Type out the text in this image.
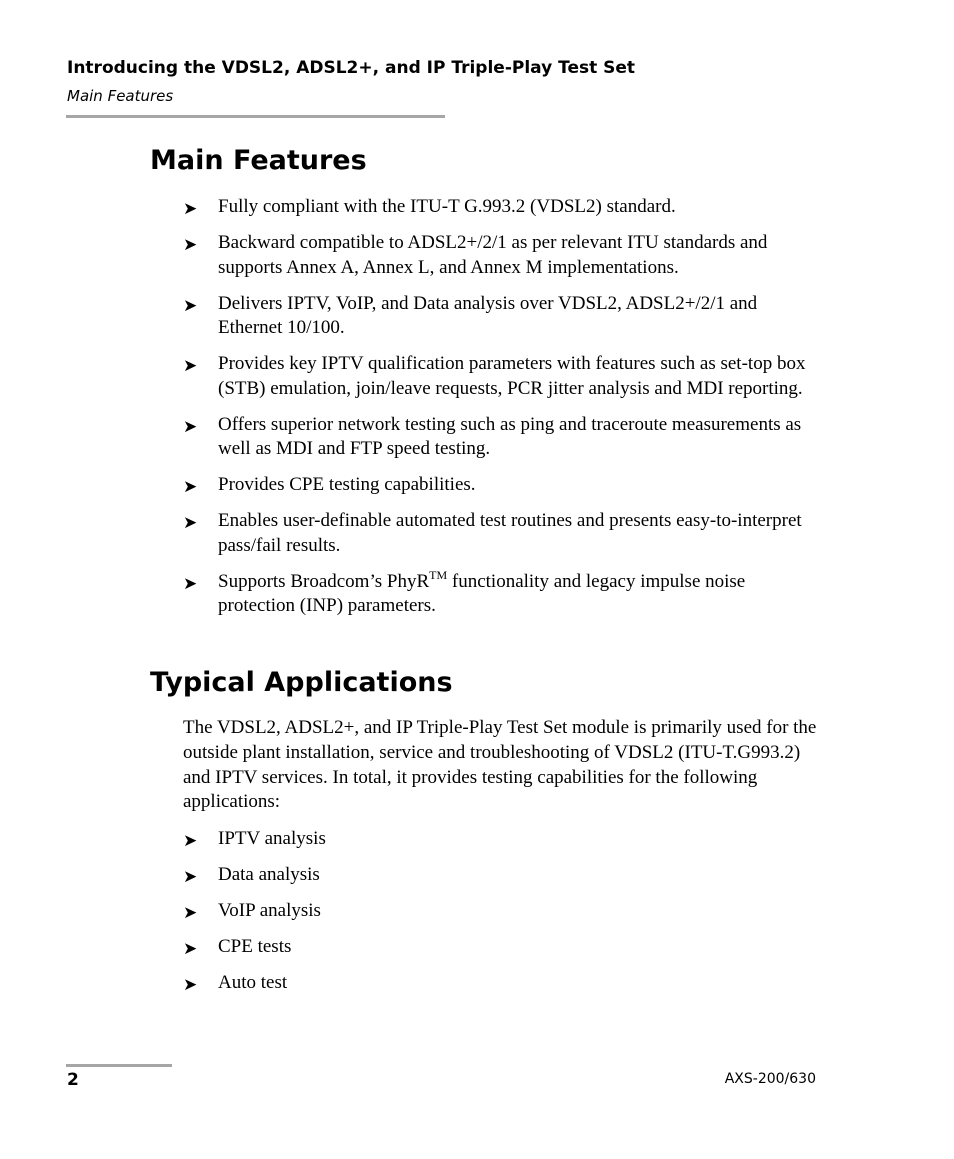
Introducing the VDSL2, ADSL2+, and IP Triple-Play Test Set
Main Features
Main Features
➤ Fully compliant with the ITU-T G.993.2 (VDSL2) standard.
➤ Backward compatible to ADSL2+/2/1 as per relevant ITU standards and supports Annex A, Annex L, and Annex M implementations.
➤ Delivers IPTV, VoIP, and Data analysis over VDSL2, ADSL2+/2/1 and Ethernet 10/100.
➤ Provides key IPTV qualification parameters with features such as set-top box (STB) emulation, join/leave requests, PCR jitter analysis and MDI reporting.
➤ Offers superior network testing such as ping and traceroute measurements as well as MDI and FTP speed testing.
➤ Provides CPE testing capabilities.
➤ Enables user-definable automated test routines and presents easy-to-interpret pass/fail results.
➤ Supports Broadcom’s PhyR™ functionality and legacy impulse noise protection (INP) parameters.
Typical Applications

The VDSL2, ADSL2+, and IP Triple-Play Test Set module is primarily used for the outside plant installation, service and troubleshooting of VDSL2 (ITU-T.G993.2) and IPTV services. In total, it provides testing capabilities for the following applications:

➤ IPTV analysis
➤ Data analysis
➤ VoIP analysis
➤ CPE tests
➤ Auto test
2	AXS-200/630
